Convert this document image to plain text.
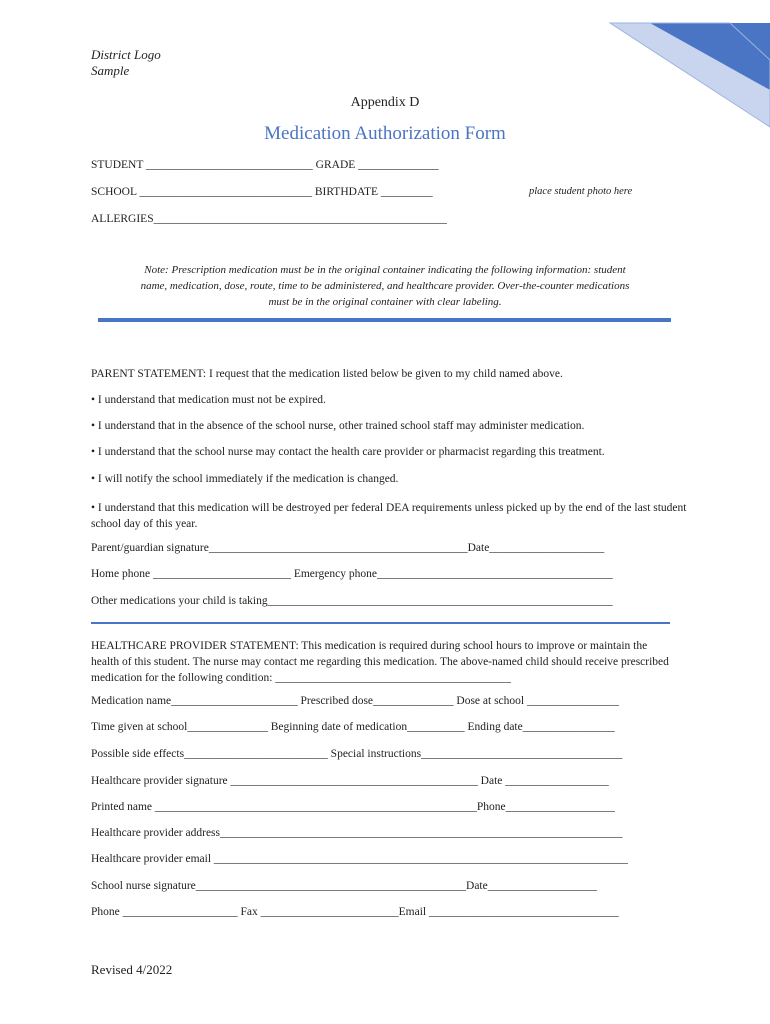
District Logo
Sample
Appendix D
Medication Authorization Form
STUDENT _____________________________ GRADE ______________
SCHOOL ______________________________ BIRTHDATE _________	place student photo here
ALLERGIES___________________________________________________
Note: Prescription medication must be in the original container indicating the following information: student
name, medication, dose, route, time to be administered, and healthcare provider. Over-the-counter medications
must be in the original container with clear labeling.
PARENT STATEMENT: I request that the medication listed below be given to my child named above.
• I understand that medication must not be expired.
• I understand that in the absence of the school nurse, other trained school staff may administer medication.
• I understand that the school nurse may contact the health care provider or pharmacist regarding this treatment.
• I will notify the school immediately if the medication is changed.
• I understand that this medication will be destroyed per federal DEA requirements unless picked up by the end of the last student school day of this year.
Parent/guardian signature_____________________________________________Date____________________
Home phone ________________________ Emergency phone_________________________________________
Other medications your child is taking____________________________________________________________
HEALTHCARE PROVIDER STATEMENT: This medication is required during school hours to improve or maintain the health of this student. The nurse may contact me regarding this medication. The above-named child should receive prescribed medication for the following condition: _________________________________________
Medication name______________________ Prescribed dose______________ Dose at school ________________
Time given at school______________ Beginning date of medication__________ Ending date________________
Possible side effects_________________________ Special instructions___________________________________
Healthcare provider signature ___________________________________________ Date __________________
Printed name ________________________________________________________Phone___________________
Healthcare provider address______________________________________________________________________
Healthcare provider email ________________________________________________________________________
School nurse signature_______________________________________________Date___________________
Phone ____________________ Fax ________________________Email _________________________________
Revised 4/2022
